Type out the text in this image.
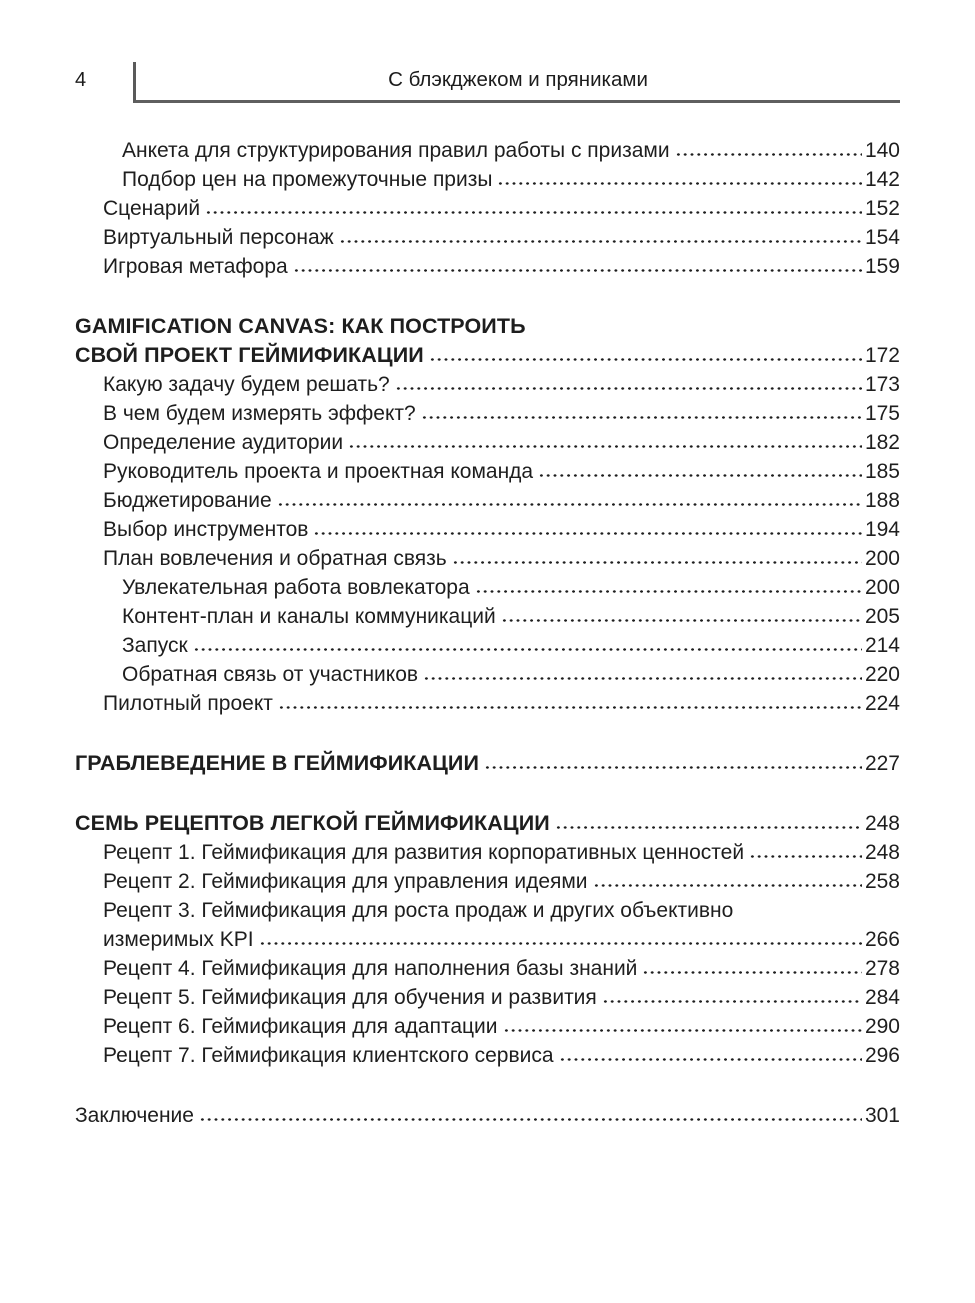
4	С блэкджеком и пряниками
Анкета для структурирования правил работы с призами	140
Подбор цен на промежуточные призы	142
Сценарий	152
Виртуальный персонаж	154
Игровая метафора	159
GAMIFICATION CANVAS: КАК ПОСТРОИТЬ
СВОЙ ПРОЕКТ ГЕЙМИФИКАЦИИ	172
Какую задачу будем решать?	173
В чем будем измерять эффект?	175
Определение аудитории	182
Руководитель проекта и проектная команда	185
Бюджетирование	188
Выбор инструментов	194
План вовлечения и обратная связь	200
Увлекательная работа вовлекатора	200
Контент-план и каналы коммуникаций	205
Запуск	214
Обратная связь от участников	220
Пилотный проект	224
ГРАБЛЕВЕДЕНИЕ В ГЕЙМИФИКАЦИИ	227
СЕМЬ РЕЦЕПТОВ ЛЕГКОЙ ГЕЙМИФИКАЦИИ	248
Рецепт 1. Геймификация для развития корпоративных ценностей	248
Рецепт 2. Геймификация для управления идеями	258
Рецепт 3. Геймификация для роста продаж и других объективно
измеримых KPI	266
Рецепт 4. Геймификация для наполнения базы знаний	278
Рецепт 5. Геймификация для обучения и развития	284
Рецепт 6. Геймификация для адаптации	290
Рецепт 7. Геймификация клиентского сервиса	296
Заключение	301
